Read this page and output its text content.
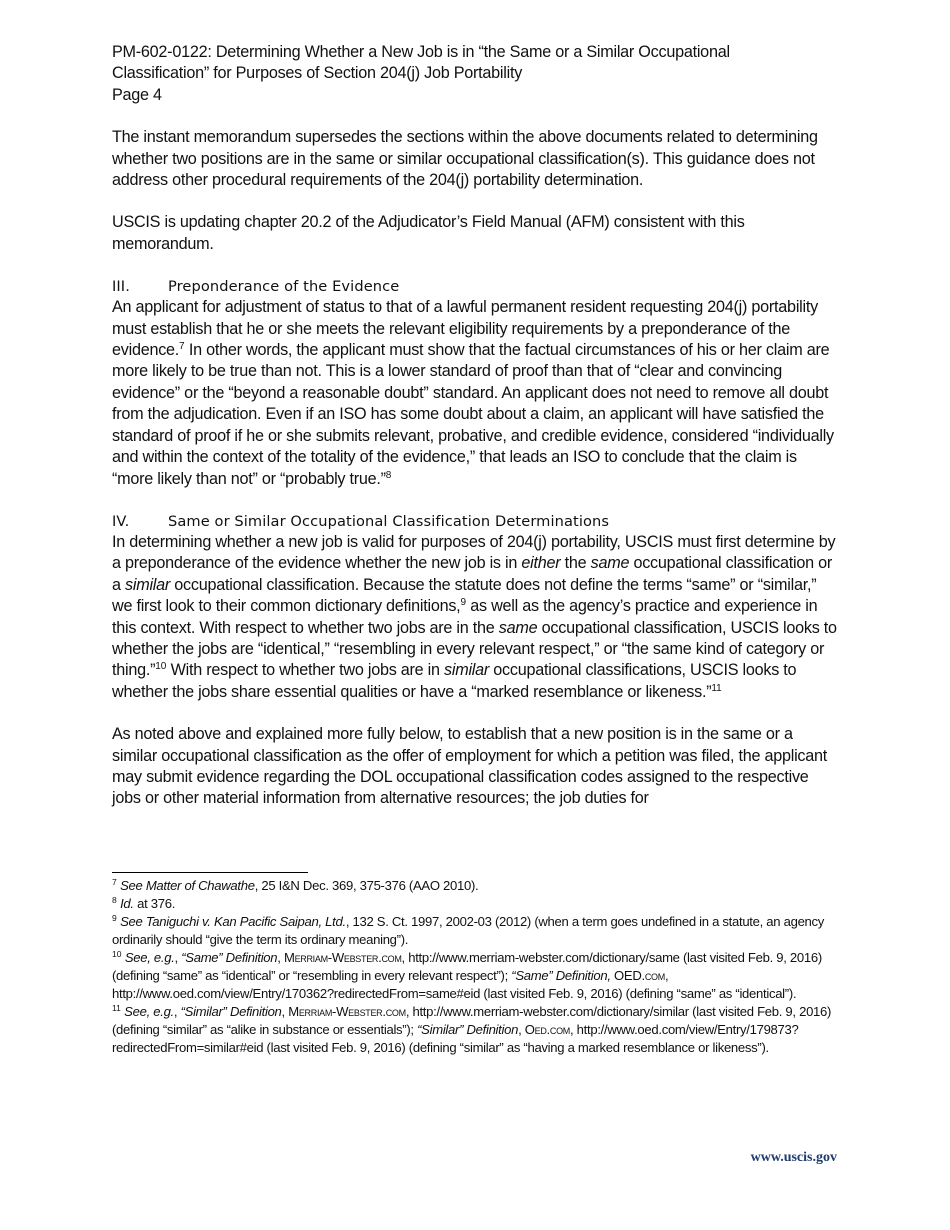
PM-602-0122: Determining Whether a New Job is in “the Same or a Similar Occupational
Classification” for Purposes of Section 204(j) Job Portability
Page 4
The instant memorandum supersedes the sections within the above documents related to determining whether two positions are in the same or similar occupational classification(s). This guidance does not address other procedural requirements of the 204(j) portability determination.
USCIS is updating chapter 20.2 of the Adjudicator’s Field Manual (AFM) consistent with this memorandum.
III.	Preponderance of the Evidence
An applicant for adjustment of status to that of a lawful permanent resident requesting 204(j) portability must establish that he or she meets the relevant eligibility requirements by a preponderance of the evidence.$^7$ In other words, the applicant must show that the factual circumstances of his or her claim are more likely to be true than not. This is a lower standard of proof than that of “clear and convincing evidence” or the “beyond a reasonable doubt” standard. An applicant does not need to remove all doubt from the adjudication. Even if an ISO has some doubt about a claim, an applicant will have satisfied the standard of proof if he or she submits relevant, probative, and credible evidence, considered “individually and within the context of the totality of the evidence,” that leads an ISO to conclude that the claim is “more likely than not” or “probably true.”$^8$
IV.	Same or Similar Occupational Classification Determinations
In determining whether a new job is valid for purposes of 204(j) portability, USCIS must first determine by a preponderance of the evidence whether the new job is in either the same occupational classification or a similar occupational classification. Because the statute does not define the terms “same” or “similar,” we first look to their common dictionary definitions,$^9$ as well as the agency’s practice and experience in this context. With respect to whether two jobs are in the same occupational classification, USCIS looks to whether the jobs are “identical,” “resembling in every relevant respect,” or “the same kind of category or thing.”$^{10}$ With respect to whether two jobs are in similar occupational classifications, USCIS looks to whether the jobs share essential qualities or have a “marked resemblance or likeness.”$^{11}$
As noted above and explained more fully below, to establish that a new position is in the same or a similar occupational classification as the offer of employment for which a petition was filed, the applicant may submit evidence regarding the DOL occupational classification codes assigned to the respective jobs or other material information from alternative resources; the job duties for
$^7$ See Matter of Chawathe, 25 I&N Dec. 369, 375-376 (AAO 2010).
$^8$ Id. at 376.
$^9$ See Taniguchi v. Kan Pacific Saipan, Ltd., 132 S. Ct. 1997, 2002-03 (2012) (when a term goes undefined in a statute, an agency ordinarily should “give the term its ordinary meaning”).
$^{10}$ See, e.g., “Same” Definition, Merriam-Webster.com, http://www.merriam-webster.com/dictionary/same (last visited Feb. 9, 2016) (defining “same” as “identical” or “resembling in every relevant respect”); “Same” Definition, OED.com, http://www.oed.com/view/Entry/170362?redirectedFrom=same#eid (last visited Feb. 9, 2016) (defining “same” as “identical”).
$^{11}$ See, e.g., “Similar” Definition, Merriam-Webster.com, http://www.merriam-webster.com/dictionary/similar (last visited Feb. 9, 2016) (defining “similar” as “alike in substance or essentials”); “Similar” Definition, Oed.com, http://www.oed.com/view/Entry/179873?redirectedFrom=similar#eid (last visited Feb. 9, 2016) (defining “similar” as “having a marked resemblance or likeness”).
www.uscis.gov
